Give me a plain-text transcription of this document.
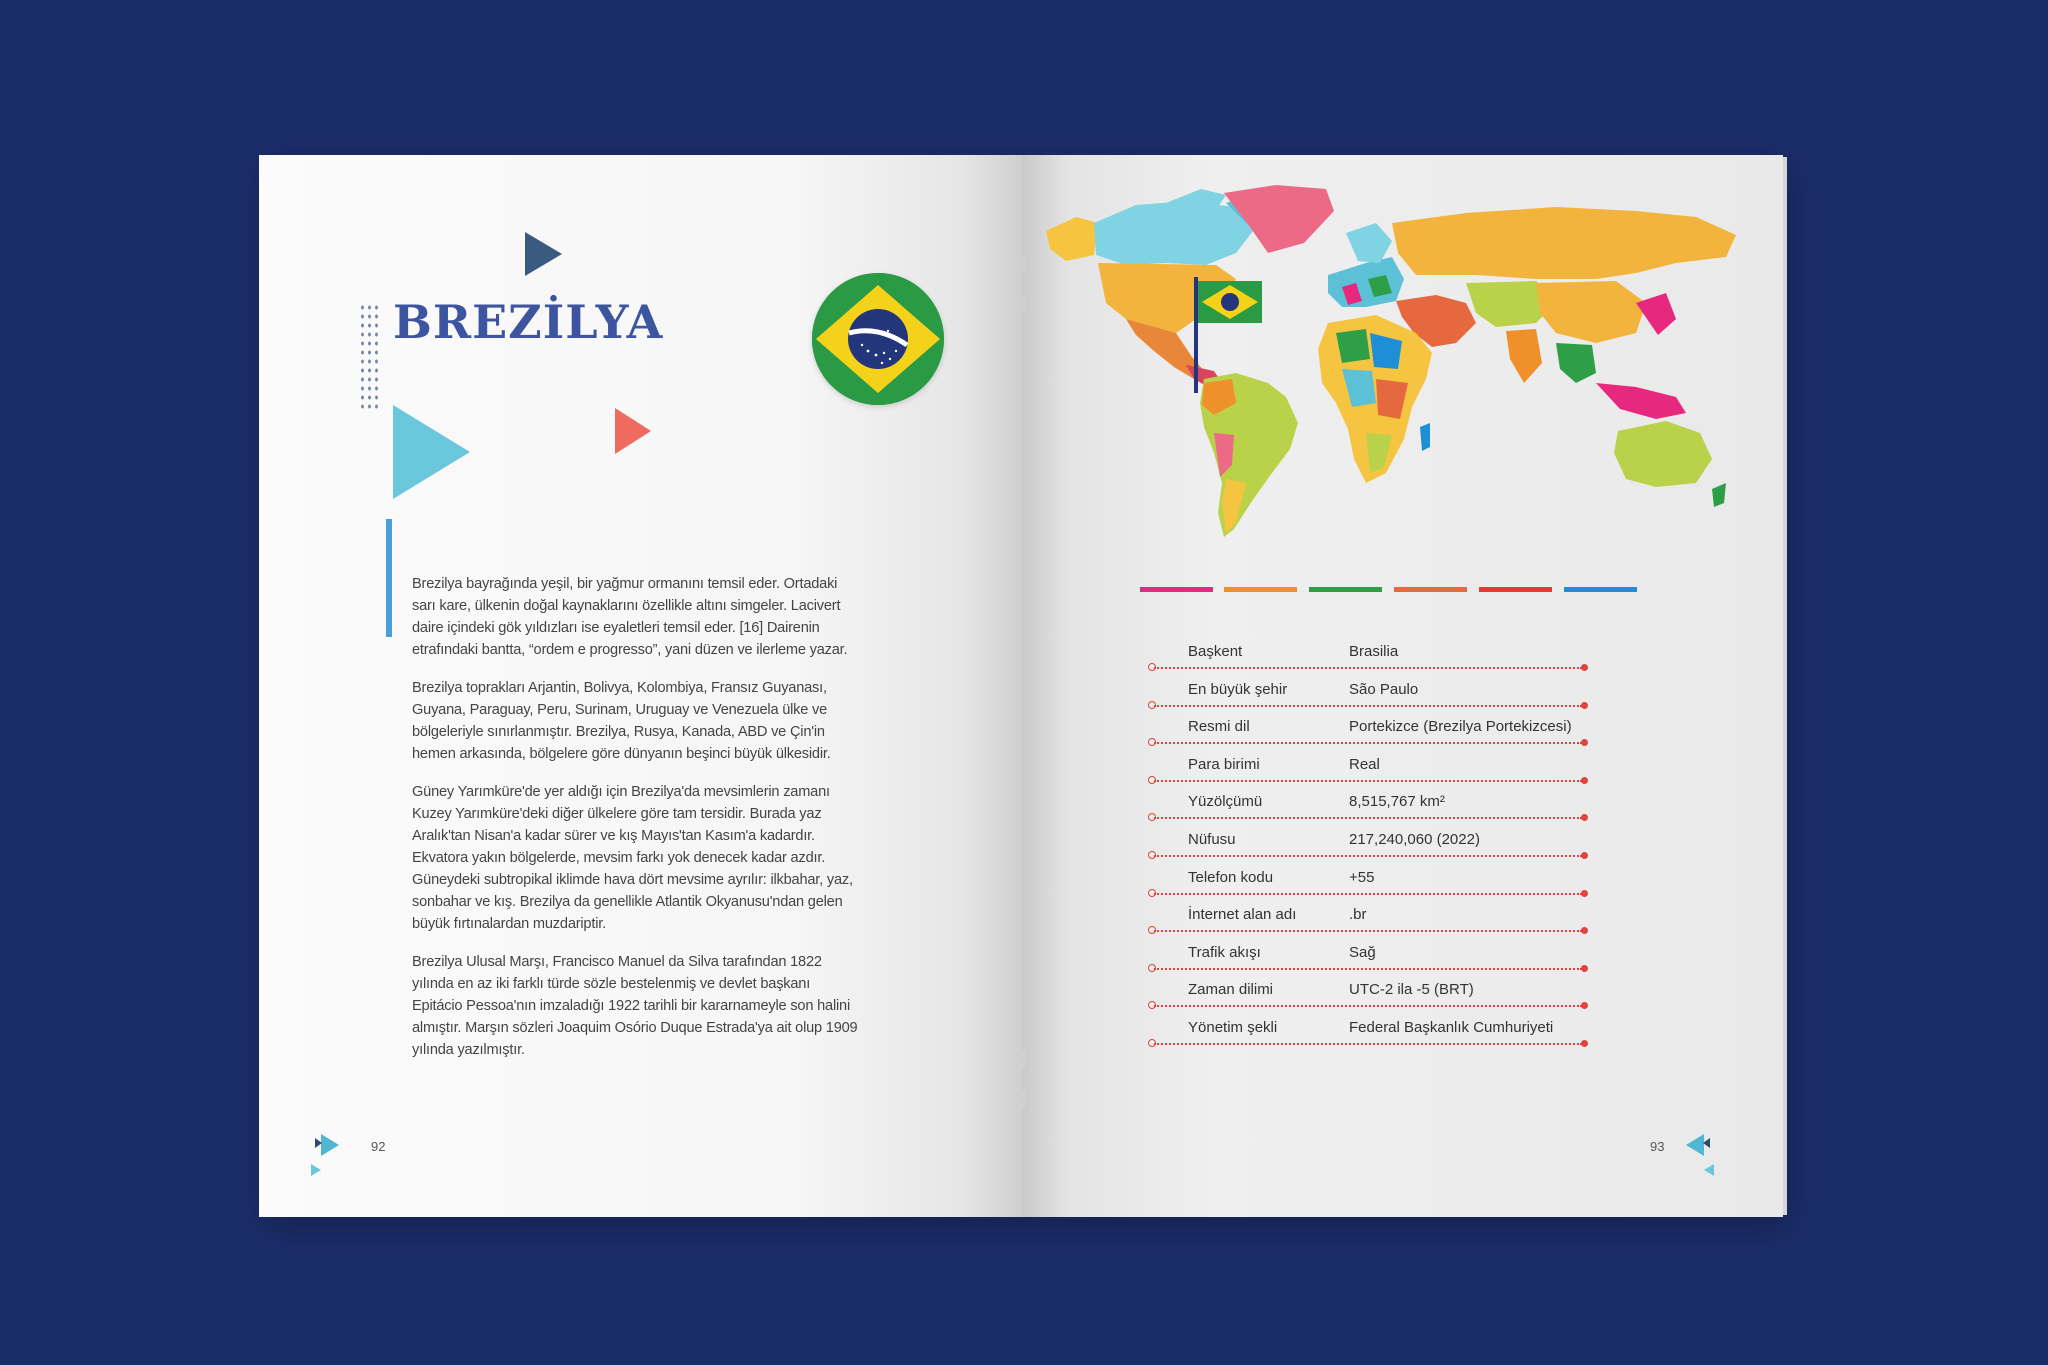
BREZİLYA

Brezilya bayrağında yeşil, bir yağmur ormanını temsil eder. Ortadaki sarı kare, ülkenin doğal kaynaklarını özellikle altını simgeler. Lacivert daire içindeki gök yıldızları ise eyaletleri temsil eder. [16] Dairenin etrafındaki bantta, “ordem e progresso”, yani düzen ve ilerleme yazar.

Brezilya toprakları Arjantin, Bolivya, Kolombiya, Fransız Guyanası, Guyana, Paraguay, Peru, Surinam, Uruguay ve Venezuela ülke ve bölgeleriyle sınırlanmıştır. Brezilya, Rusya, Kanada, ABD ve Çin'in hemen arkasında, bölgelere göre dünyanın beşinci büyük ülkesidir.

Güney Yarımküre'de yer aldığı için Brezilya'da mevsimlerin zamanı Kuzey Yarımküre'deki diğer ülkelere göre tam tersidir. Burada yaz Aralık'tan Nisan'a kadar sürer ve kış Mayıs'tan Kasım'a kadardır. Ekvatora yakın bölgelerde, mevsim farkı yok denecek kadar azdır. Güneydeki subtropikal iklimde hava dört mevsime ayrılır: ilkbahar, yaz, sonbahar ve kış. Brezilya da genellikle Atlantik Okyanusu'ndan gelen büyük fırtınalardan muzdariptir.

Brezilya Ulusal Marşı, Francisco Manuel da Silva tarafından 1822 yılında en az iki farklı türde sözle bestelenmiş ve devlet başkanı Epitácio Pessoa'nın imzaladığı 1922 tarihli bir kararnameyle son halini almıştır. Marşın sözleri Joaquim Osório Duque Estrada'ya ait olup 1909 yılında yazılmıştır.

92
Başkent	Brasilia
En büyük şehir	São Paulo
Resmi dil	Portekizce (Brezilya Portekizcesi)
Para birimi	Real
Yüzölçümü	8,515,767 km²
Nüfusu	217,240,060 (2022)
Telefon kodu	+55
İnternet alan adı	.br
Trafik akışı	Sağ
Zaman dilimi	UTC-2 ila -5 (BRT)
Yönetim şekli	Federal Başkanlık Cumhuriyeti
93
